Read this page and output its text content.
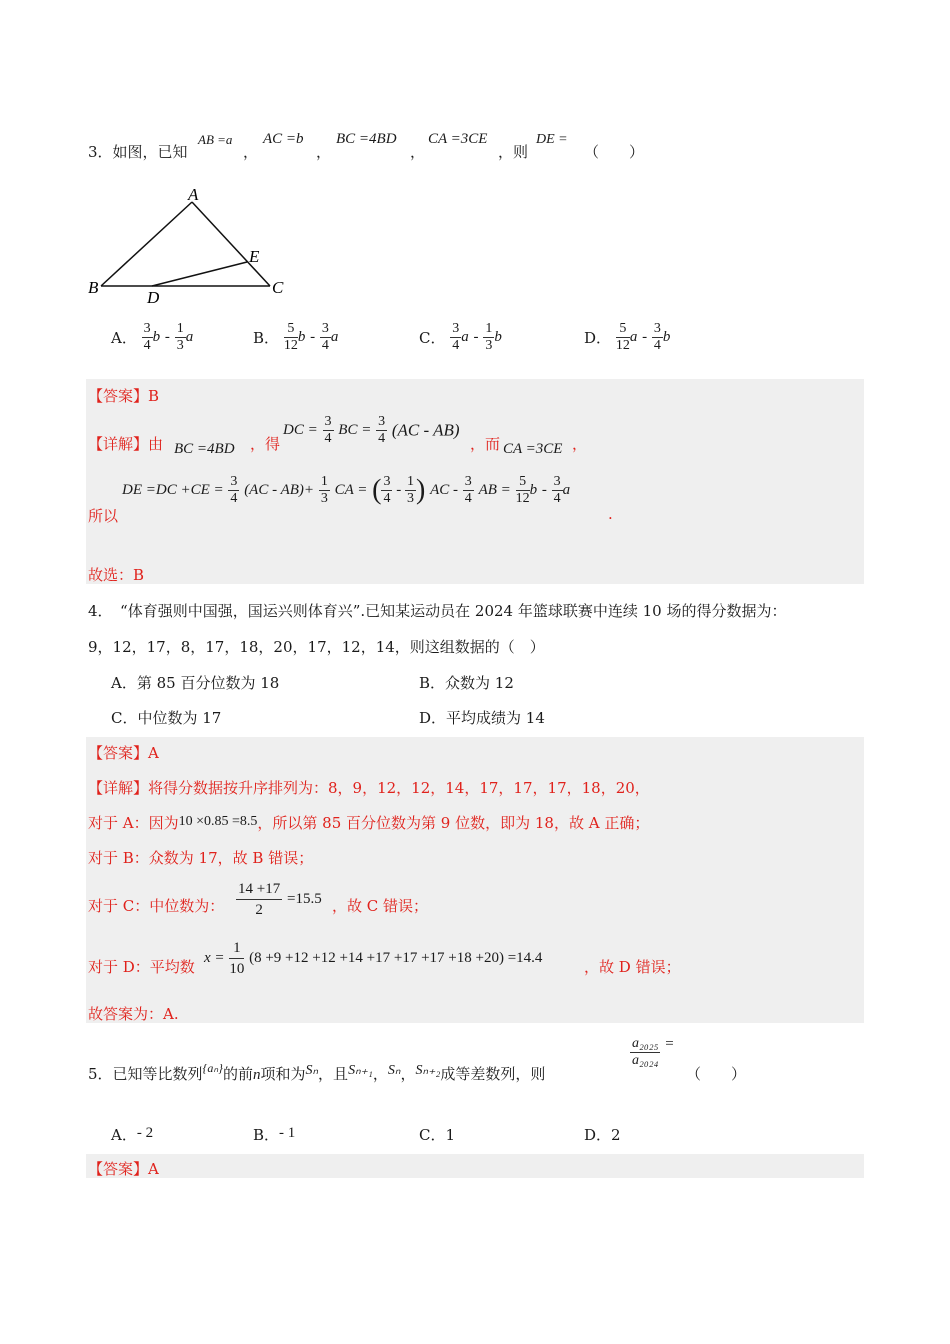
3．如图，已知
AB =a
，
AC =b
，
BC =4BD
，
CA =3CE
，则
DE =
（　　）
A
B	C
D
E
A． $\frac{3}{4}$ b - $\frac{1}{3}$ a	B． $\frac{5}{12}$ b - $\frac{3}{4}$ a	C． $\frac{3}{4}$ a - $\frac{1}{3}$ b	D． $\frac{5}{12}$ a - $\frac{3}{4}$ b
【答案】B
【详解】由 BC =4BD ，得
DC = $\frac{3}{4}$ BC = $\frac{3}{4} (AC - AB)$
，而 CA =3CE ，
所以
DE $=DC +CE = \frac{3}{4} (AC - AB)+ \frac{1}{3}$ CA = ( $\frac{3}{4} - \frac{1}{3}$ ) AC - $\frac{3}{4}$ AB = $\frac{5}{12}$ b - $\frac{3}{4}$ a
.
故选：B
4．　“体育强则中国强，国运兴则体育兴”.已知某运动员在 2024 年篮球联赛中连续 10 场的得分数据为：
9，12，17，8，17，18，20，17，12，14，则这组数据的（　）
A．第 85 百分位数为 18	B．众数为 12
C．中位数为 17	D．平均成绩为 14
【答案】A
【详解】将得分数据按升序排列为：8，9，12，12，14，17，17，17，18，20，
对于 A：因为10 ×0.85 =8.5，所以第 85 百分位数为第 9 位数，即为 18，故 A 正确；
对于 B：众数为 17，故 B 错误；
对于 C：中位数为： $\frac{14 +17}{2} =15.5$ ，故 C 错误；
对于 D：平均数 $x = \frac{1}{10} (8 +9 +12 +12 +14 +17 +17 +17 +18 +20) =14.4$	，故 D 错误；
故答案为：A.
5．已知等比数列$^{\{a_n\}}$的前n项和为Sₙ，且Sₙ₊₁，Sₙ，Sₙ₊₂成等差数列，则
$\frac{\text{a₂₀₂₅}}{\text{a₂₀₂₄}}$ =
（　　）
A．- 2	B．- 1	C．1	D．2
【答案】A
